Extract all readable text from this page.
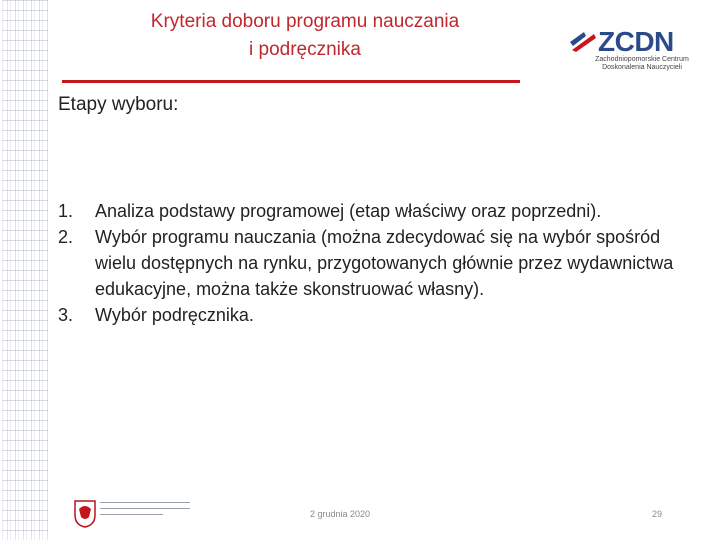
Kryteria doboru programu nauczania
i podręcznika	ZCDN
Zachodniopomorskie Centrum Doskonalenia Nauczycieli
Etapy wyboru:
1. Analiza podstawy programowej (etap właściwy oraz poprzedni).
2. Wybór programu nauczania (można zdecydować się na wybór spośród wielu dostępnych na rynku, przygotowanych głównie przez wydawnictwa edukacyjne, można także skonstruować własny).
3. Wybór podręcznika.
2 grudnia 2020	29
